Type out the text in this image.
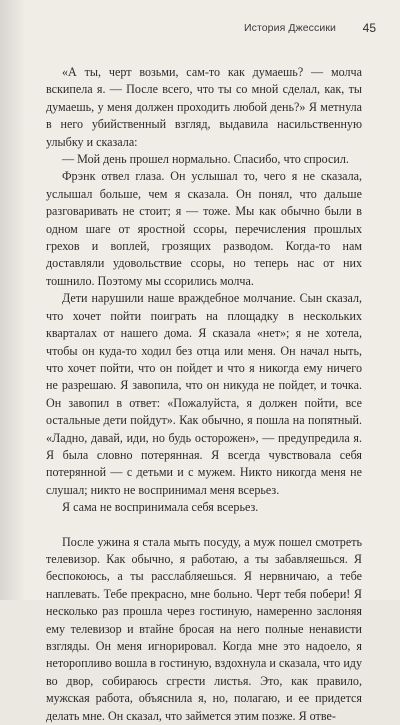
История Джессики 45

«А ты, черт возьми, сам-то как думаешь? — молча вскипела я. — После всего, что ты со мной сделал, как, ты думаешь, у меня должен проходить любой день?» Я метнула в него убийственный взгляд, выдавила насильственную улыбку и сказала:

— Мой день прошел нормально. Спасибо, что спросил.

Фрэнк отвел глаза. Он услышал то, чего я не сказала, услышал больше, чем я сказала. Он понял, что дальше разговаривать не стоит; я — тоже. Мы как обычно были в одном шаге от яростной ссоры, перечисления прошлых грехов и воплей, грозящих разводом. Когда-то нам доставляли удовольствие ссоры, но теперь нас от них тошнило. Поэтому мы ссорились молча.

Дети нарушили наше враждебное молчание. Сын сказал, что хочет пойти поиграть на площадку в нескольких кварталах от нашего дома. Я сказала «нет»; я не хотела, чтобы он куда-то ходил без отца или меня. Он начал ныть, что хочет пойти, что он пойдет и что я никогда ему ничего не разрешаю. Я завопила, что он никуда не пойдет, и точка. Он завопил в ответ: «Пожалуйста, я должен пойти, все остальные дети пойдут». Как обычно, я пошла на попятный. «Ладно, давай, иди, но будь осторожен», — предупредила я. Я была словно потерянная. Я всегда чувствовала себя потерянной — с детьми и с мужем. Никто никогда меня не слушал; никто не воспринимал меня всерьез.

Я сама не воспринимала себя всерьез.

После ужина я стала мыть посуду, а муж пошел смотреть телевизор. Как обычно, я работаю, а ты забавляешься. Я беспокоюсь, а ты расслабляешься. Я нервничаю, а тебе наплевать. Тебе прекрасно, мне больно. Черт тебя побери! Я несколько раз прошла через гостиную, намеренно заслоняя ему телевизор и втайне бросая на него полные ненависти взгляды. Он меня игнорировал. Когда мне это надоело, я неторопливо вошла в гостиную, вздохнула и сказала, что иду во двор, собираюсь сгрести листья. Это, как правило, мужская работа, объяснила я, но, полагаю, и ее придется делать мне. Он сказал, что займется этим позже. Я отве-
